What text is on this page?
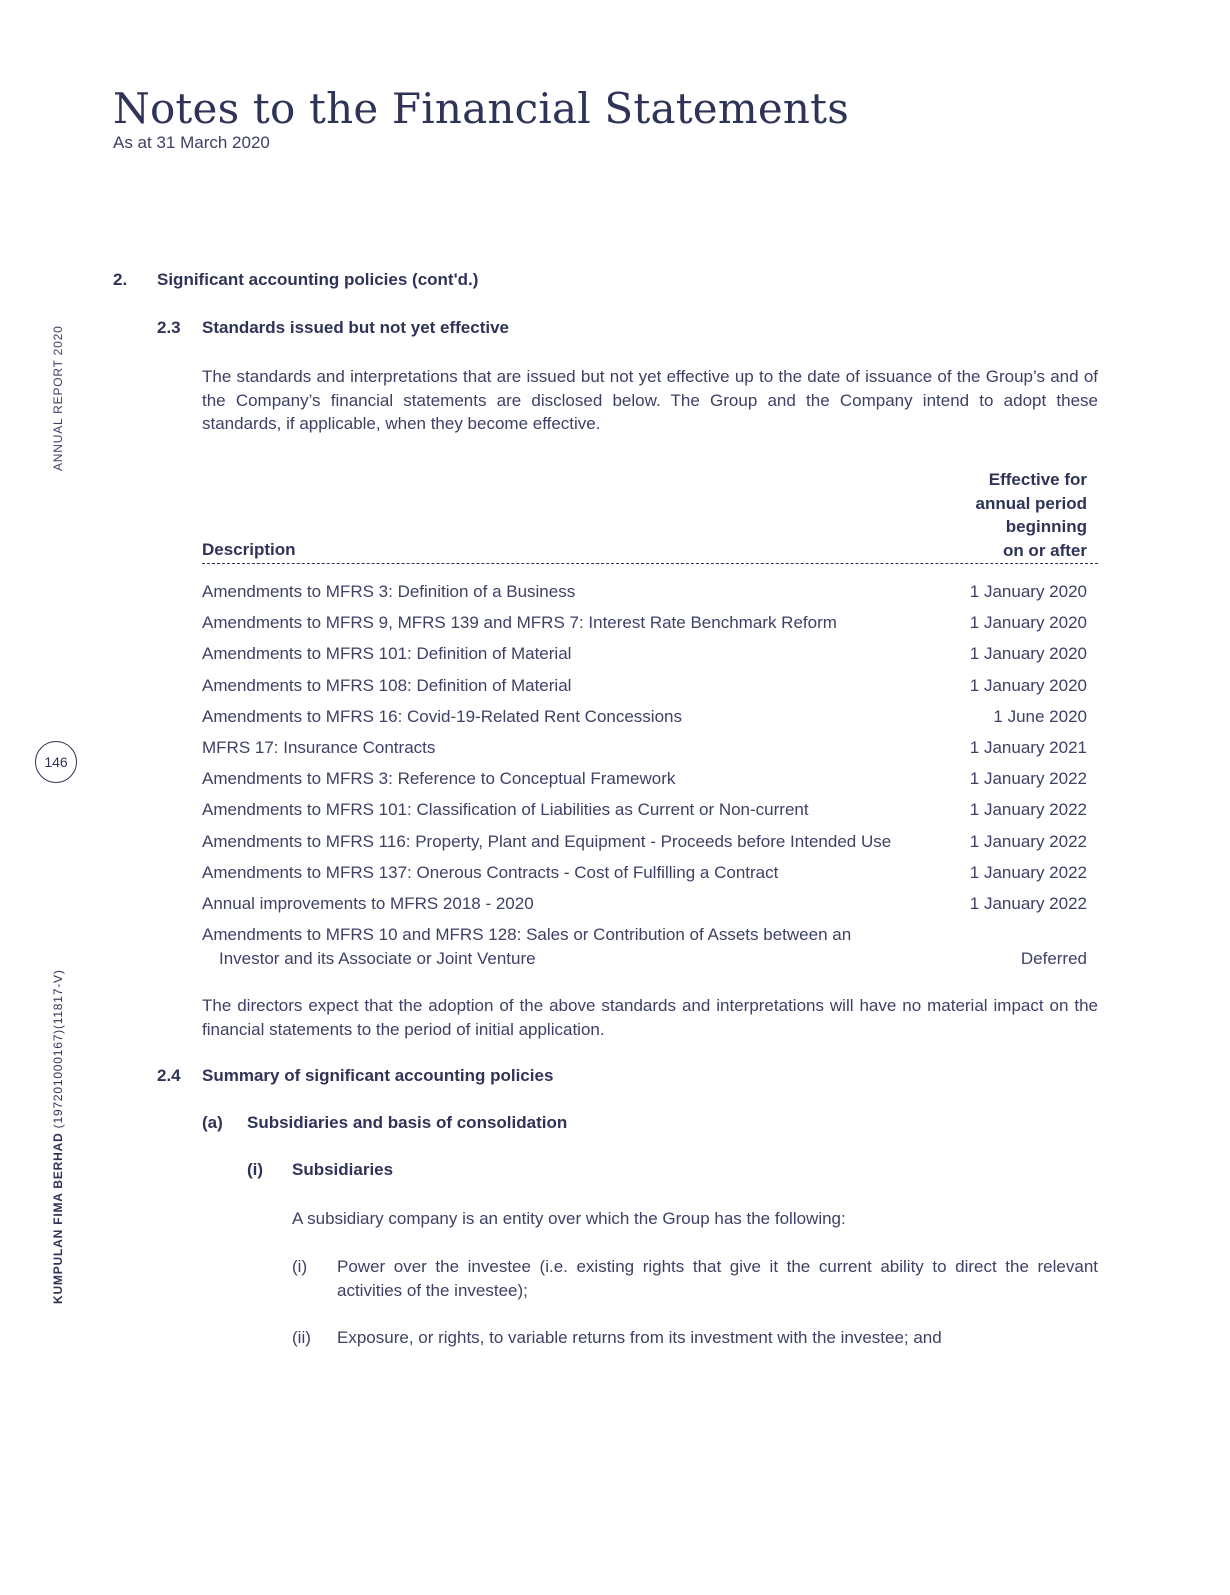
Notes to the Financial Statements

As at 31 March 2020

ANNUAL REPORT 2020
KUMPULAN FIMA BERHAD (197201000167)(11817-V)
146
2. Significant accounting policies (cont'd.)
2.3 Standards issued but not yet effective

The standards and interpretations that are issued but not yet effective up to the date of issuance of the Group’s and of the Company’s financial statements are disclosed below. The Group and the Company intend to adopt these standards, if applicable, when they become effective.

Effective for
annual period
beginning
on or after
Description
Amendments to MFRS 3: Definition of a Business	1 January 2020
Amendments to MFRS 9, MFRS 139 and MFRS 7: Interest Rate Benchmark Reform	1 January 2020
Amendments to MFRS 101: Definition of Material	1 January 2020
Amendments to MFRS 108: Definition of Material	1 January 2020
Amendments to MFRS 16: Covid-19-Related Rent Concessions	1 June 2020
MFRS 17: Insurance Contracts	1 January 2021
Amendments to MFRS 3: Reference to Conceptual Framework	1 January 2022
Amendments to MFRS 101: Classification of Liabilities as Current or Non-current	1 January 2022
Amendments to MFRS 116: Property, Plant and Equipment - Proceeds before Intended Use	1 January 2022
Amendments to MFRS 137: Onerous Contracts - Cost of Fulfilling a Contract	1 January 2022
Annual improvements to MFRS 2018 - 2020	1 January 2022
Amendments to MFRS 10 and MFRS 128: Sales or Contribution of Assets between an
Investor and its Associate or Joint Venture	Deferred

The directors expect that the adoption of the above standards and interpretations will have no material impact on the financial statements to the period of initial application.

2.4 Summary of significant accounting policies
(a) Subsidiaries and basis of consolidation
(i) Subsidiaries

A subsidiary company is an entity over which the Group has the following:

(i) Power over the investee (i.e. existing rights that give it the current ability to direct the relevant activities of the investee);

(ii) Exposure, or rights, to variable returns from its investment with the investee; and
